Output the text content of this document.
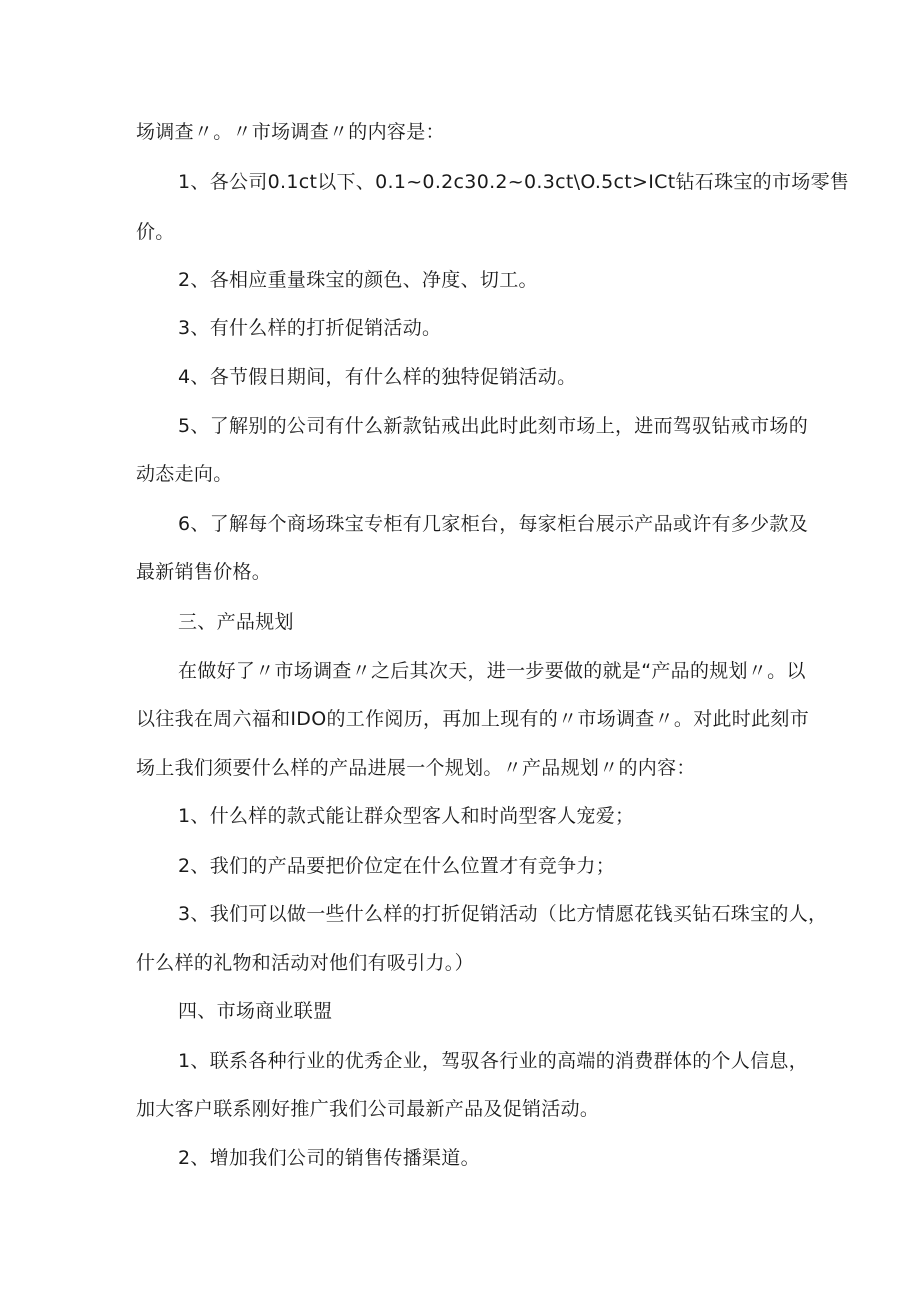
场调查〃。〃市场调查〃的内容是：
1、各公司0.1ct以下、0.1~0.2c30.2~0.3ct\O.5ct>ICt钻石珠宝的市场零售
价。
2、各相应重量珠宝的颜色、净度、切工。
3、有什么样的打折促销活动。
4、各节假日期间，有什么样的独特促销活动。
5、了解别的公司有什么新款钻戒出此时此刻市场上，进而驾驭钻戒市场的
动态走向。
6、了解每个商场珠宝专柜有几家柜台，每家柜台展示产品或许有多少款及
最新销售价格。
三、产品规划
在做好了〃市场调查〃之后其次天，进一步要做的就是“产品的规划〃。以
以往我在周六福和IDO的工作阅历，再加上现有的〃市场调查〃。对此时此刻市
场上我们须要什么样的产品进展一个规划。〃产品规划〃的内容：
1、什么样的款式能让群众型客人和时尚型客人宠爱；
2、我们的产品要把价位定在什么位置才有竞争力；
3、我们可以做一些什么样的打折促销活动（比方情愿花钱买钻石珠宝的人，
什么样的礼物和活动对他们有吸引力。）
四、市场商业联盟
1、联系各种行业的优秀企业，驾驭各行业的高端的消费群体的个人信息，
加大客户联系刚好推广我们公司最新产品及促销活动。
2、增加我们公司的销售传播渠道。
